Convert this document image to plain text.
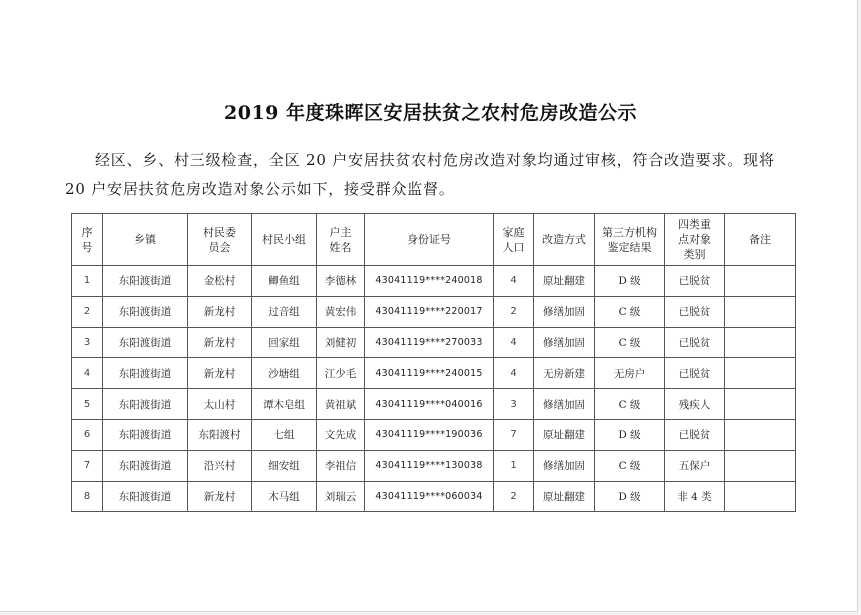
2019 年度珠晖区安居扶贫之农村危房改造公示
经区、乡、村三级检查，全区 20 户安居扶贫农村危房改造对象均通过审核，符合改造要求。现将 20 户安居扶贫危房改造对象公示如下，接受群众监督。
序号	乡镇	村民委员会	村民小组	户主姓名	身份证号	家庭人口	改造方式	第三方机构鉴定结果	四类重点对象类别	备注
1	东阳渡街道	金松村	鲫鱼组	李德林	43041119****240018	4	原址翻建	D 级	已脱贫	
2	东阳渡街道	新龙村	过音组	黄宏伟	43041119****220017	2	修缮加固	C 级	已脱贫	
3	东阳渡街道	新龙村	回家组	刘健初	43041119****270033	4	修缮加固	C 级	已脱贫	
4	东阳渡街道	新龙村	沙塘组	江少毛	43041119****240015	4	无房新建	无房户	已脱贫	
5	东阳渡街道	太山村	谭木皂组	黄祖斌	43041119****040016	3	修缮加固	C 级	残疾人	
6	东阳渡街道	东阳渡村	七组	文先成	43041119****190036	7	原址翻建	D 级	已脱贫	
7	东阳渡街道	沿兴村	细安组	李祖信	43041119****130038	1	修缮加固	C 级	五保户	
8	东阳渡街道	新龙村	木马组	刘瑞云	43041119****060034	2	原址翻建	D 级	非 4 类	
